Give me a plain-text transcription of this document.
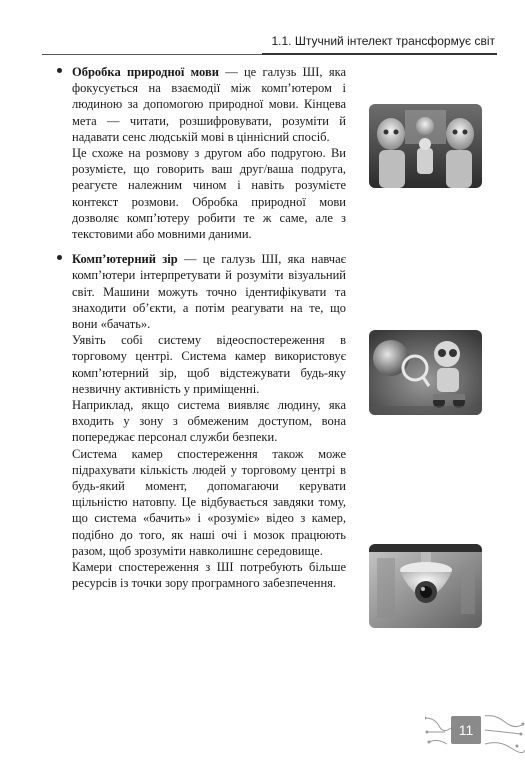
1.1. Штучний інтелект трансформує світ

Обробка природної мови — це галузь ШІ, яка фокусується на взаємодії між комп’ютером і людиною за допомогою природної мови. Кінцева мета — читати, розшифровувати, розуміти й надавати сенс людській мові в ціннісний спосіб.

Це схоже на розмову з другом або подругою. Ви розумієте, що говорить ваш друг/ваша подруга, реагуєте належним чином і навіть розумієте контекст розмови. Обробка природної мови дозволяє комп’ютеру робити те ж саме, але з текстовими або мовними даними.

Комп’ютерний зір — це галузь ШІ, яка навчає комп’ютери інтерпретувати й розуміти візуальний світ. Машини можуть точно ідентифікувати та знаходити об’єкти, а потім реагувати на те, що вони «бачать».

Уявіть собі систему відеоспостереження в торговому центрі. Система камер використовує комп’ютерний зір, щоб відстежувати будь-яку незвичну активність у приміщенні.

Наприклад, якщо система виявляє людину, яка входить у зону з обмеженим доступом, вона попереджає персонал служби безпеки.

Система камер спостереження також може підрахувати кількість людей у торговому центрі в будь-який момент, допомагаючи керувати щільністю натовпу. Це відбувається завдяки тому, що система «бачить» і «розуміє» відео з камер, подібно до того, як наші очі і мозок працюють разом, щоб зрозуміти навколишнє середовище.

Камери спостереження з ШІ потребують більше ресурсів із точки зору програмного забезпечення.

11
